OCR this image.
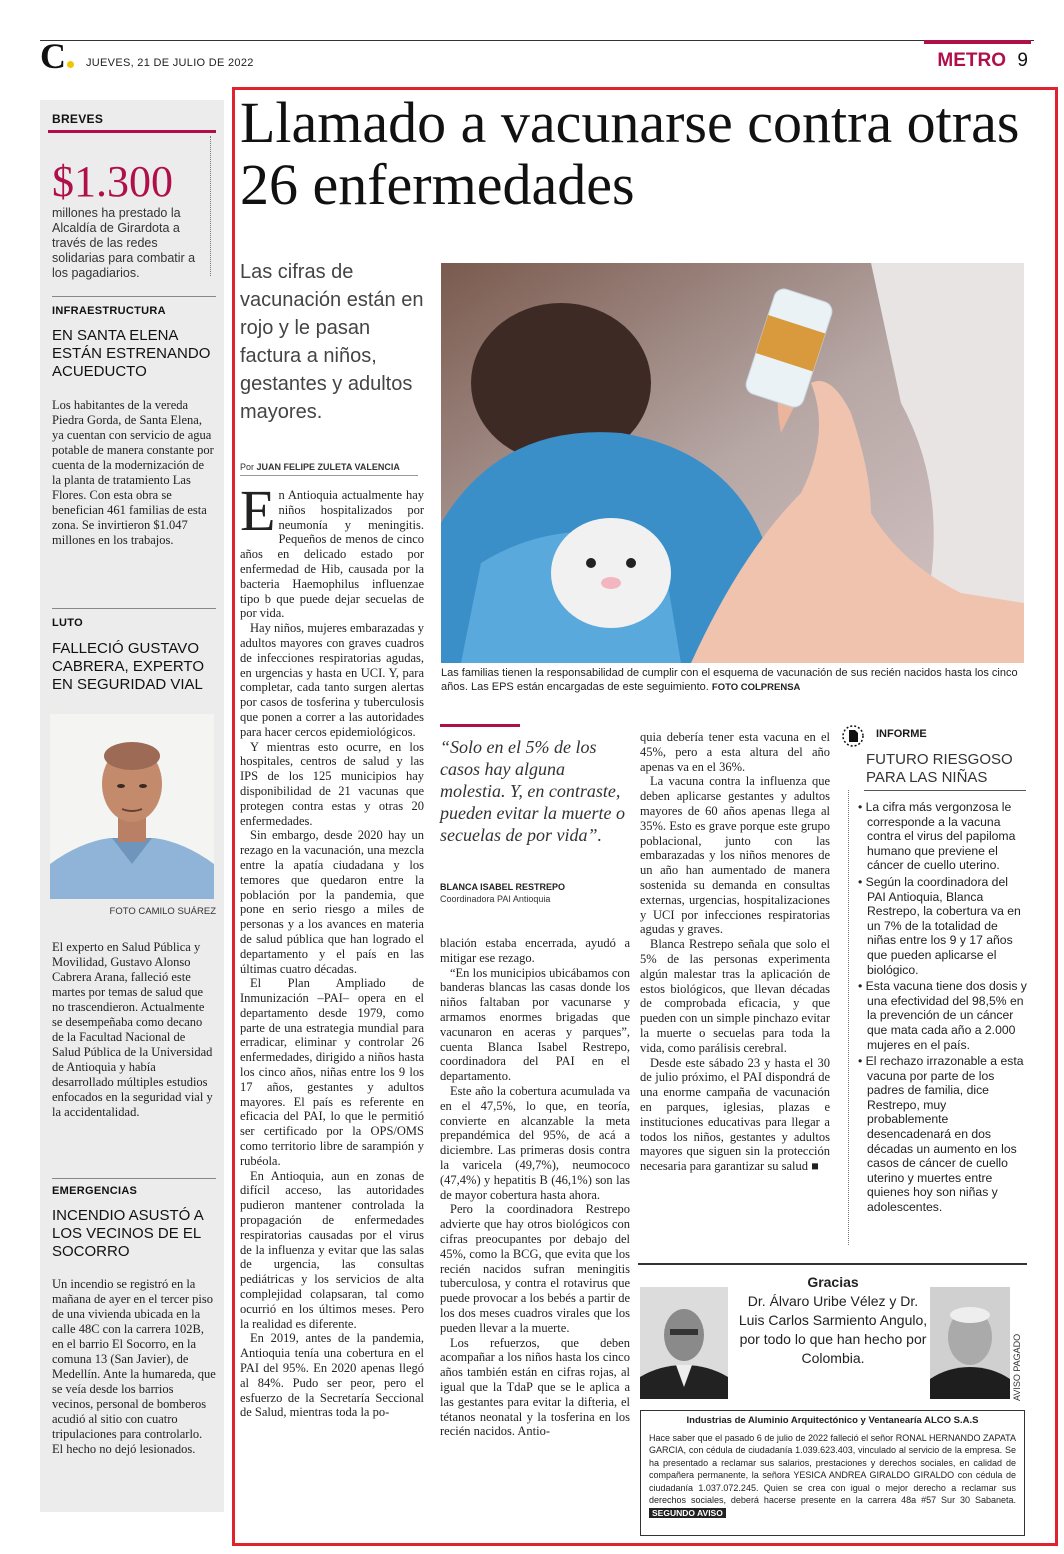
C	JUEVES, 21 DE JULIO DE 2022	METRO 9
BREVES
$1.300
millones ha prestado la Alcaldía de Girardota a través de las redes solidarias para combatir a los pagadiarios.
INFRAESTRUCTURA
EN SANTA ELENA ESTÁN ESTRENANDO ACUEDUCTO
Los habitantes de la vereda Piedra Gorda, de Santa Elena, ya cuentan con servicio de agua potable de manera constante por cuenta de la modernización de la planta de tratamiento Las Flores. Con esta obra se benefician 461 familias de esta zona. Se invirtieron $1.047 millones en los trabajos.
LUTO
FALLECIÓ GUSTAVO CABRERA, EXPERTO EN SEGURIDAD VIAL
FOTO CAMILO SUÁREZ
El experto en Salud Pública y Movilidad, Gustavo Alonso Cabrera Arana, falleció este martes por temas de salud que no trascendieron. Actualmente se desempeñaba como decano de la Facultad Nacional de Salud Pública de la Universidad de Antioquia y había desarrollado múltiples estudios enfocados en la seguridad vial y la accidentalidad.
EMERGENCIAS
INCENDIO ASUSTÓ A LOS VECINOS DE EL SOCORRO
Un incendio se registró en la mañana de ayer en el tercer piso de una vivienda ubicada en la calle 48C con la carrera 102B, en el barrio El Socorro, en la comuna 13 (San Javier), de Medellín. Ante la humareda, que se veía desde los barrios vecinos, personal de bomberos acudió al sitio con cuatro tripulaciones para controlarlo. El hecho no dejó lesionados.
Llamado a vacunarse contra otras 26 enfermedades
Las cifras de vacunación están en rojo y le pasan factura a niños, gestantes y adultos mayores.
Por JUAN FELIPE ZULETA VALENCIA
Las familias tienen la responsabilidad de cumplir con el esquema de vacunación de sus recién nacidos hasta los cinco años. Las EPS están encargadas de este seguimiento. FOTO COLPRENSA

En Antioquia actualmente hay niños hospitalizados por neumonía y meningitis. Pequeños de menos de cinco años en delicado estado por enfermedad de Hib, causada por la bacteria Haemophilus influenzae tipo b que puede dejar secuelas de por vida.

Hay niños, mujeres embarazadas y adultos mayores con graves cuadros de infecciones respiratorias agudas, en urgencias y hasta en UCI. Y, para completar, cada tanto surgen alertas por casos de tosferina y tuberculosis que ponen a correr a las autoridades para hacer cercos epidemiológicos.

Y mientras esto ocurre, en los hospitales, centros de salud y las IPS de los 125 municipios hay disponibilidad de 21 vacunas que protegen contra estas y otras 20 enfermedades.

Sin embargo, desde 2020 hay un rezago en la vacunación, una mezcla entre la apatía ciudadana y los temores que quedaron entre la población por la pandemia, que pone en serio riesgo a miles de personas y a los avances en materia de salud pública que han logrado el departamento y el país en las últimas cuatro décadas.

El Plan Ampliado de Inmunización –PAI– opera en el departamento desde 1979, como parte de una estrategia mundial para erradicar, eliminar y controlar 26 enfermedades, dirigido a niños hasta los cinco años, niñas entre los 9 los 17 años, gestantes y adultos mayores. El país es referente en eficacia del PAI, lo que le permitió ser certificado por la OPS/OMS como territorio libre de sarampión y rubéola.

En Antioquia, aun en zonas de difícil acceso, las autoridades pudieron mantener controlada la propagación de enfermedades respiratorias causadas por el virus de la influenza y evitar que las salas de urgencia, las consultas pediátricas y los servicios de alta complejidad colapsaran, tal como ocurrió en los últimos meses. Pero la realidad es diferente.

En 2019, antes de la pandemia, Antioquia tenía una cobertura en el PAI del 95%. En 2020 apenas llegó al 84%. Pudo ser peor, pero el esfuerzo de la Secretaría Seccional de Salud, mientras toda la po-

“Solo en el 5% de los casos hay alguna molestia. Y, en contraste, pueden evitar la muerte o secuelas de por vida”.
BLANCA ISABEL RESTREPO
Coordinadora PAI Antioquia

blación estaba encerrada, ayudó a mitigar ese rezago.

“En los municipios ubicábamos con banderas blancas las casas donde los niños faltaban por vacunarse y armamos enormes brigadas que vacunaron en aceras y parques”, cuenta Blanca Isabel Restrepo, coordinadora del PAI en el departamento.

Este año la cobertura acumulada va en el 47,5%, lo que, en teoría, convierte en alcanzable la meta prepandémica del 95%, de acá a diciembre. Las primeras dosis contra la varicela (49,7%), neumococo (47,4%) y hepatitis B (46,1%) son las de mayor cobertura hasta ahora.

Pero la coordinadora Restrepo advierte que hay otros biológicos con cifras preocupantes por debajo del 45%, como la BCG, que evita que los recién nacidos sufran meningitis tuberculosa, y contra el rotavirus que puede provocar a los bebés a partir de los dos meses cuadros virales que los pueden llevar a la muerte.

Los refuerzos, que deben acompañar a los niños hasta los cinco años también están en cifras rojas, al igual que la TdaP que se le aplica a las gestantes para evitar la difteria, el tétanos neonatal y la tosferina en los recién nacidos. Antio-

quia debería tener esta vacuna en el 45%, pero a esta altura del año apenas va en el 36%.

La vacuna contra la influenza que deben aplicarse gestantes y adultos mayores de 60 años apenas llega al 35%. Esto es grave porque este grupo poblacional, junto con las embarazadas y los niños menores de un año han aumentado de manera sostenida su demanda en consultas externas, urgencias, hospitalizaciones y UCI por infecciones respiratorias agudas y graves.

Blanca Restrepo señala que solo el 5% de las personas experimenta algún malestar tras la aplicación de estos biológicos, que llevan décadas de comprobada eficacia, y que pueden con un simple pinchazo evitar la muerte o secuelas para toda la vida, como parálisis cerebral.

Desde este sábado 23 y hasta el 30 de julio próximo, el PAI dispondrá de una enorme campaña de vacunación en parques, iglesias, plazas e instituciones educativas para llegar a todos los niños, gestantes y adultos mayores que siguen sin la protección necesaria para garantizar su salud ■

INFORME
FUTURO RIESGOSO PARA LAS NIÑAS
• La cifra más vergonzosa le corresponde a la vacuna contra el virus del papiloma humano que previene el cáncer de cuello uterino.
• Según la coordinadora del PAI Antioquia, Blanca Restrepo, la cobertura va en un 7% de la totalidad de niñas entre los 9 y 17 años que pueden aplicarse el biológico.
• Esta vacuna tiene dos dosis y una efectividad del 98,5% en la prevención de un cáncer que mata cada año a 2.000 mujeres en el país.
• El rechazo irrazonable a esta vacuna por parte de los padres de familia, dice Restrepo, muy probablemente desencadenará en dos décadas un aumento en los casos de cáncer de cuello uterino y muertes entre quienes hoy son niñas y adolescentes.
Gracias
Dr. Álvaro Uribe Vélez y Dr. Luis Carlos Sarmiento Angulo, por todo lo que han hecho por Colombia.	AVISO PAGADO
Industrias de Aluminio Arquitectónico y Ventanearía ALCO S.A.S
Hace saber que el pasado 6 de julio de 2022 falleció el señor RONAL HERNANDO ZAPATA GARCIA, con cédula de ciudadanía 1.039.623.403, vinculado al servicio de la empresa. Se ha presentado a reclamar sus salarios, prestaciones y derechos sociales, en calidad de compañera permanente, la señora YESICA ANDREA GIRALDO GIRALDO con cédula de ciudadanía 1.037.072.245. Quien se crea con igual o mejor derecho a reclamar sus derechos sociales, deberá hacerse presente en la carrera 48a #57 Sur 30 Sabaneta. SEGUNDO AVISO
